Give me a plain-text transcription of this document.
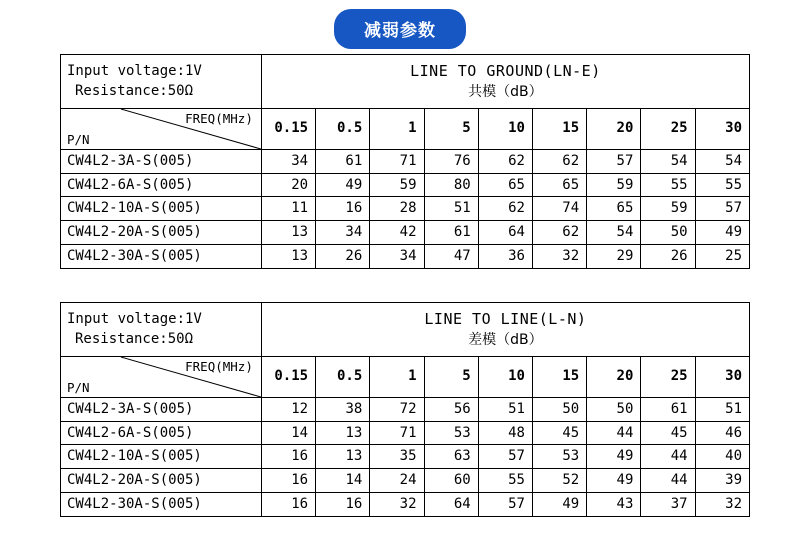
减弱参数
Input voltage:1V
Resistance:50Ω

LINE TO GROUND(LN-E)
共模（dB）

FREQ(MHz)
P/N	0.15	0.5	1	5	10	15	20	25	30
CW4L2-3A-S(005)	34	61	71	76	62	62	57	54	54
CW4L2-6A-S(005)	20	49	59	80	65	65	59	55	55
CW4L2-10A-S(005)	11	16	28	51	62	74	65	59	57
CW4L2-20A-S(005)	13	34	42	61	64	62	54	50	49
CW4L2-30A-S(005)	13	26	34	47	36	32	29	26	25
Input voltage:1V
Resistance:50Ω

LINE TO LINE(L-N)
差模（dB）

FREQ(MHz)
P/N	0.15	0.5	1	5	10	15	20	25	30
CW4L2-3A-S(005)	12	38	72	56	51	50	50	61	51
CW4L2-6A-S(005)	14	13	71	53	48	45	44	45	46
CW4L2-10A-S(005)	16	13	35	63	57	53	49	44	40
CW4L2-20A-S(005)	16	14	24	60	55	52	49	44	39
CW4L2-30A-S(005)	16	16	32	64	57	49	43	37	32
